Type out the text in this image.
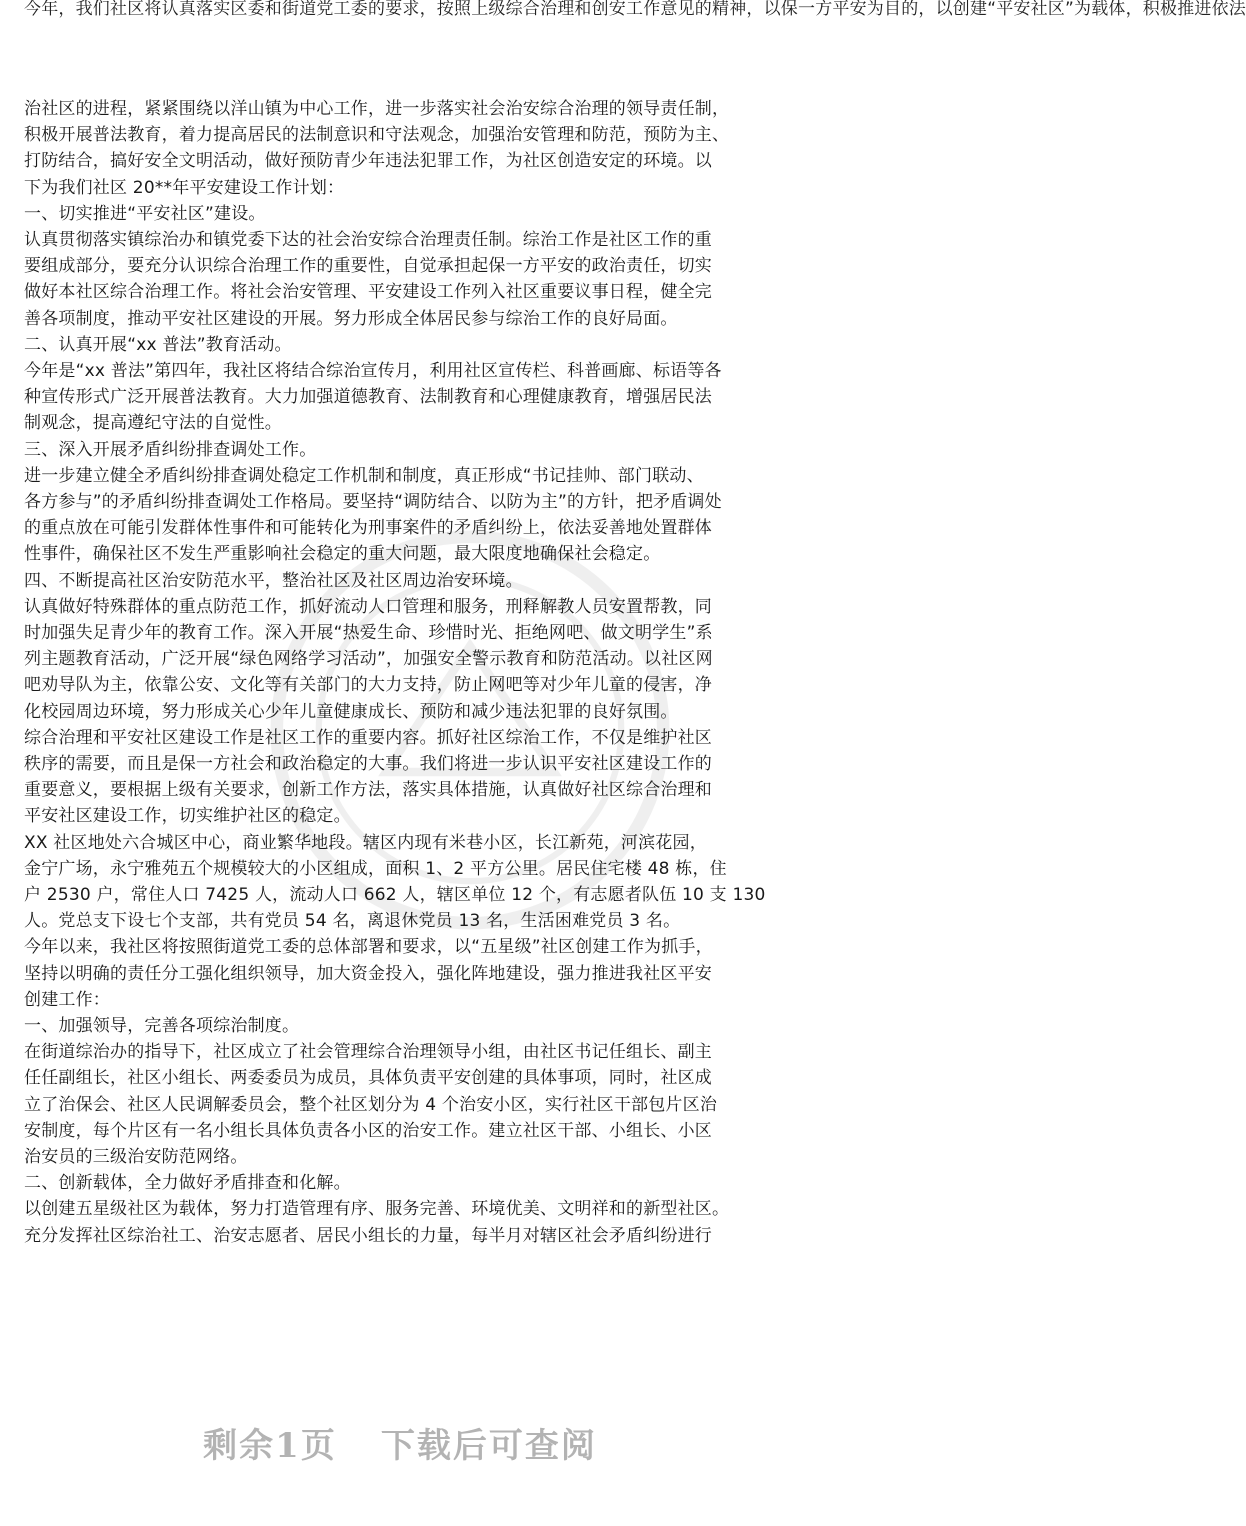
今年，我们社区将认真落实区委和街道党工委的要求，按照上级综合治理和创安工作意见的精神，以保一方平安为目的，以创建“平安社区”为载体，积极推进依法
治社区的进程，紧紧围绕以洋山镇为中心工作，进一步落实社会治安综合治理的领导责任制，
积极开展普法教育，着力提高居民的法制意识和守法观念，加强治安管理和防范，预防为主、
打防结合，搞好安全文明活动，做好预防青少年违法犯罪工作，为社区创造安定的环境。以
下为我们社区 20**年平安建设工作计划：
一、切实推进“平安社区”建设。
认真贯彻落实镇综治办和镇党委下达的社会治安综合治理责任制。综治工作是社区工作的重
要组成部分，要充分认识综合治理工作的重要性，自觉承担起保一方平安的政治责任，切实
做好本社区综合治理工作。将社会治安管理、平安建设工作列入社区重要议事日程，健全完
善各项制度，推动平安社区建设的开展。努力形成全体居民参与综治工作的良好局面。
二、认真开展“xx 普法”教育活动。
今年是“xx 普法”第四年，我社区将结合综治宣传月，利用社区宣传栏、科普画廊、标语等各
种宣传形式广泛开展普法教育。大力加强道德教育、法制教育和心理健康教育，增强居民法
制观念，提高遵纪守法的自觉性。
三、深入开展矛盾纠纷排查调处工作。
进一步建立健全矛盾纠纷排查调处稳定工作机制和制度，真正形成“书记挂帅、部门联动、
各方参与”的矛盾纠纷排查调处工作格局。要坚持“调防结合、以防为主”的方针，把矛盾调处
的重点放在可能引发群体性事件和可能转化为刑事案件的矛盾纠纷上，依法妥善地处置群体
性事件，确保社区不发生严重影响社会稳定的重大问题，最大限度地确保社会稳定。
四、不断提高社区治安防范水平，整治社区及社区周边治安环境。
认真做好特殊群体的重点防范工作，抓好流动人口管理和服务，刑释解教人员安置帮教，同
时加强失足青少年的教育工作。深入开展“热爱生命、珍惜时光、拒绝网吧、做文明学生”系
列主题教育活动，广泛开展“绿色网络学习活动”，加强安全警示教育和防范活动。以社区网
吧劝导队为主，依靠公安、文化等有关部门的大力支持，防止网吧等对少年儿童的侵害，净
化校园周边环境，努力形成关心少年儿童健康成长、预防和减少违法犯罪的良好氛围。
综合治理和平安社区建设工作是社区工作的重要内容。抓好社区综治工作，不仅是维护社区
秩序的需要，而且是保一方社会和政治稳定的大事。我们将进一步认识平安社区建设工作的
重要意义，要根据上级有关要求，创新工作方法，落实具体措施，认真做好社区综合治理和
平安社区建设工作，切实维护社区的稳定。
XX 社区地处六合城区中心，商业繁华地段。辖区内现有米巷小区，长江新苑，河滨花园，
金宁广场，永宁雅苑五个规模较大的小区组成，面积 1、2 平方公里。居民住宅楼 48 栋，住
户 2530 户，常住人口 7425 人，流动人口 662 人，辖区单位 12 个，有志愿者队伍 10 支 130
人。党总支下设七个支部，共有党员 54 名，离退休党员 13 名，生活困难党员 3 名。
今年以来，我社区将按照街道党工委的总体部署和要求，以“五星级”社区创建工作为抓手，
坚持以明确的责任分工强化组织领导，加大资金投入，强化阵地建设，强力推进我社区平安
创建工作：
一、加强领导，完善各项综治制度。
在街道综治办的指导下，社区成立了社会管理综合治理领导小组，由社区书记任组长、副主
任任副组长，社区小组长、两委委员为成员，具体负责平安创建的具体事项，同时，社区成
立了治保会、社区人民调解委员会，整个社区划分为 4 个治安小区，实行社区干部包片区治
安制度，每个片区有一名小组长具体负责各小区的治安工作。建立社区干部、小组长、小区
治安员的三级治安防范网络。
二、创新载体，全力做好矛盾排查和化解。
以创建五星级社区为载体，努力打造管理有序、服务完善、环境优美、文明祥和的新型社区。
充分发挥社区综治社工、治安志愿者、居民小组长的力量，每半月对辖区社会矛盾纠纷进行
剩余1页 下载后可查阅
